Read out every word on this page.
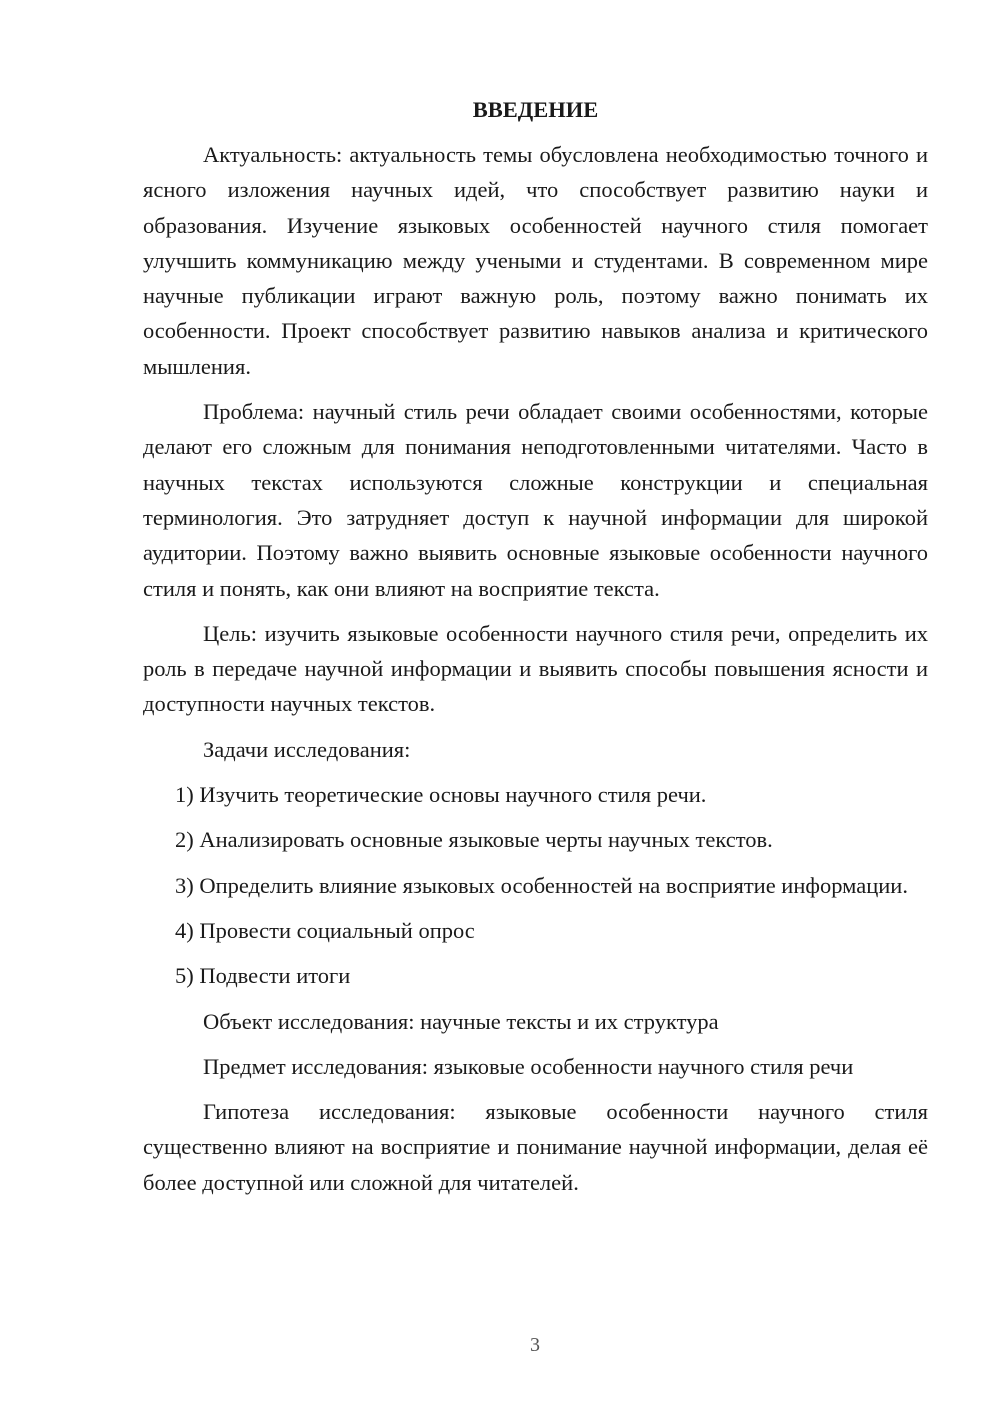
ВВЕДЕНИЕ
Актуальность: актуальность темы обусловлена необходимостью точного и ясного изложения научных идей, что способствует развитию науки и образования. Изучение языковых особенностей научного стиля помогает улучшить коммуникацию между учеными и студентами. В современном мире научные публикации играют важную роль, поэтому важно понимать их особенности. Проект способствует развитию навыков анализа и критического мышления.
Проблема: научный стиль речи обладает своими особенностями, которые делают его сложным для понимания неподготовленными читателями. Часто в научных текстах используются сложные конструкции и специальная терминология. Это затрудняет доступ к научной информации для широкой аудитории. Поэтому важно выявить основные языковые особенности научного стиля и понять, как они влияют на восприятие текста.
Цель: изучить языковые особенности научного стиля речи, определить их роль в передаче научной информации и выявить способы повышения ясности и доступности научных текстов.
Задачи исследования:
1) Изучить теоретические основы научного стиля речи.
2) Анализировать основные языковые черты научных текстов.
3) Определить влияние языковых особенностей на восприятие информации.
4) Провести социальный опрос
5) Подвести итоги
Объект исследования: научные тексты и их структура
Предмет исследования: языковые особенности научного стиля речи
Гипотеза исследования: языковые особенности научного стиля существенно влияют на восприятие и понимание научной информации, делая её более доступной или сложной для читателей.
3
